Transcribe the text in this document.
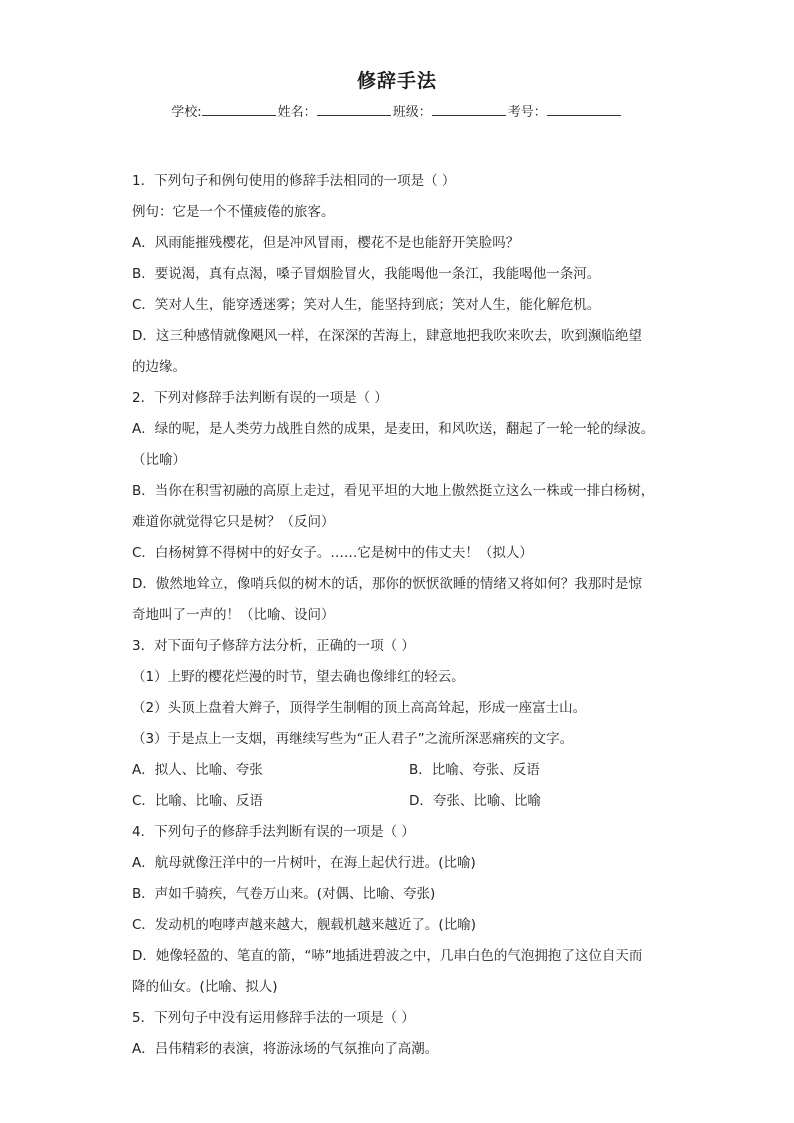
修辞手法
学校:	姓名：	班级：	考号：
1．下列句子和例句使用的修辞手法相同的一项是（ ）
例句：它是一个不懂疲倦的旅客。
A．风雨能摧残樱花，但是冲风冒雨，樱花不是也能舒开笑脸吗？
B．要说渴，真有点渴，嗓子冒烟脸冒火，我能喝他一条江，我能喝他一条河。
C．笑对人生，能穿透迷雾；笑对人生，能坚持到底；笑对人生，能化解危机。
D．这三种感情就像飓风一样，在深深的苦海上，肆意地把我吹来吹去，吹到濒临绝望
的边缘。
2．下列对修辞手法判断有误的一项是（ ）
A．绿的呢，是人类劳力战胜自然的成果，是麦田，和风吹送，翻起了一轮一轮的绿波。
（比喻）
B．当你在积雪初融的高原上走过，看见平坦的大地上傲然挺立这么一株或一排白杨树，
难道你就觉得它只是树？（反问）
C．白杨树算不得树中的好女子。……它是树中的伟丈夫！（拟人）
D．傲然地耸立，像哨兵似的树木的话，那你的恹恹欲睡的情绪又将如何？我那时是惊
奇地叫了一声的！（比喻、设问）
3．对下面句子修辞方法分析，正确的一项（ ）
（1）上野的樱花烂漫的时节，望去确也像绯红的轻云。
（2）头顶上盘着大辫子，顶得学生制帽的顶上高高耸起，形成一座富士山。
（3）于是点上一支烟，再继续写些为“正人君子”之流所深恶痛疾的文字。
A．拟人、比喻、夸张	B．比喻、夸张、反语
C．比喻、比喻、反语	D．夸张、比喻、比喻
4．下列句子的修辞手法判断有误的一项是（ ）
A．航母就像汪洋中的一片树叶，在海上起伏行进。(比喻)
B．声如千骑疾，气卷万山来。(对偶、比喻、夸张)
C．发动机的咆哮声越来越大，舰载机越来越近了。(比喻)
D．她像轻盈的、笔直的箭，“哧”地插进碧波之中，几串白色的气泡拥抱了这位自天而
降的仙女。(比喻、拟人)
5．下列句子中没有运用修辞手法的一项是（ ）
A．吕伟精彩的表演，将游泳场的气氛推向了高潮。
